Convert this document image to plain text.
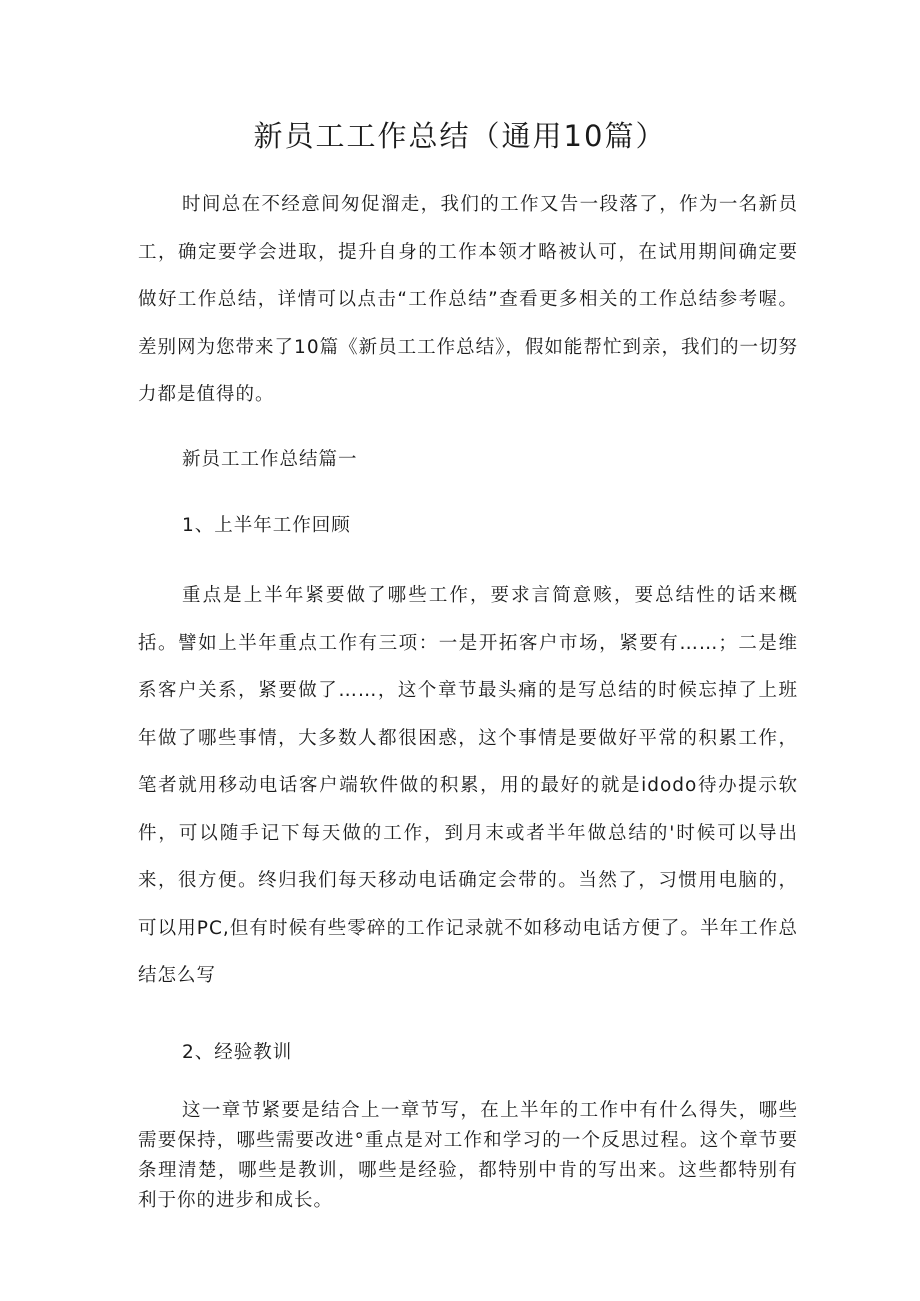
新员工工作总结（通用10篇）
时间总在不经意间匆促溜走，我们的工作又告一段落了，作为一名新员工，确定要学会进取，提升自身的工作本领才略被认可，在试用期间确定要做好工作总结，详情可以点击“工作总结”查看更多相关的工作总结参考喔。差别网为您带来了10篇《新员工工作总结》，假如能帮忙到亲，我们的一切努力都是值得的。
新员工工作总结篇一
1、上半年工作回顾
重点是上半年紧要做了哪些工作，要求言简意赅，要总结性的话来概括。譬如上半年重点工作有三项：一是开拓客户市场，紧要有……；二是维系客户关系，紧要做了……，这个章节最头痛的是写总结的时候忘掉了上班年做了哪些事情，大多数人都很困惑，这个事情是要做好平常的积累工作，笔者就用移动电话客户端软件做的积累，用的最好的就是idodo待办提示软件，可以随手记下每天做的工作，到月末或者半年做总结的'时候可以导出来，很方便。终归我们每天移动电话确定会带的。当然了，习惯用电脑的，可以用PC,但有时候有些零碎的工作记录就不如移动电话方便了。半年工作总结怎么写
2、经验教训
这一章节紧要是结合上一章节写，在上半年的工作中有什么得失，哪些需要保持，哪些需要改进°重点是对工作和学习的一个反思过程。这个章节要条理清楚，哪些是教训，哪些是经验，都特别中肯的写出来。这些都特别有利于你的进步和成长。
